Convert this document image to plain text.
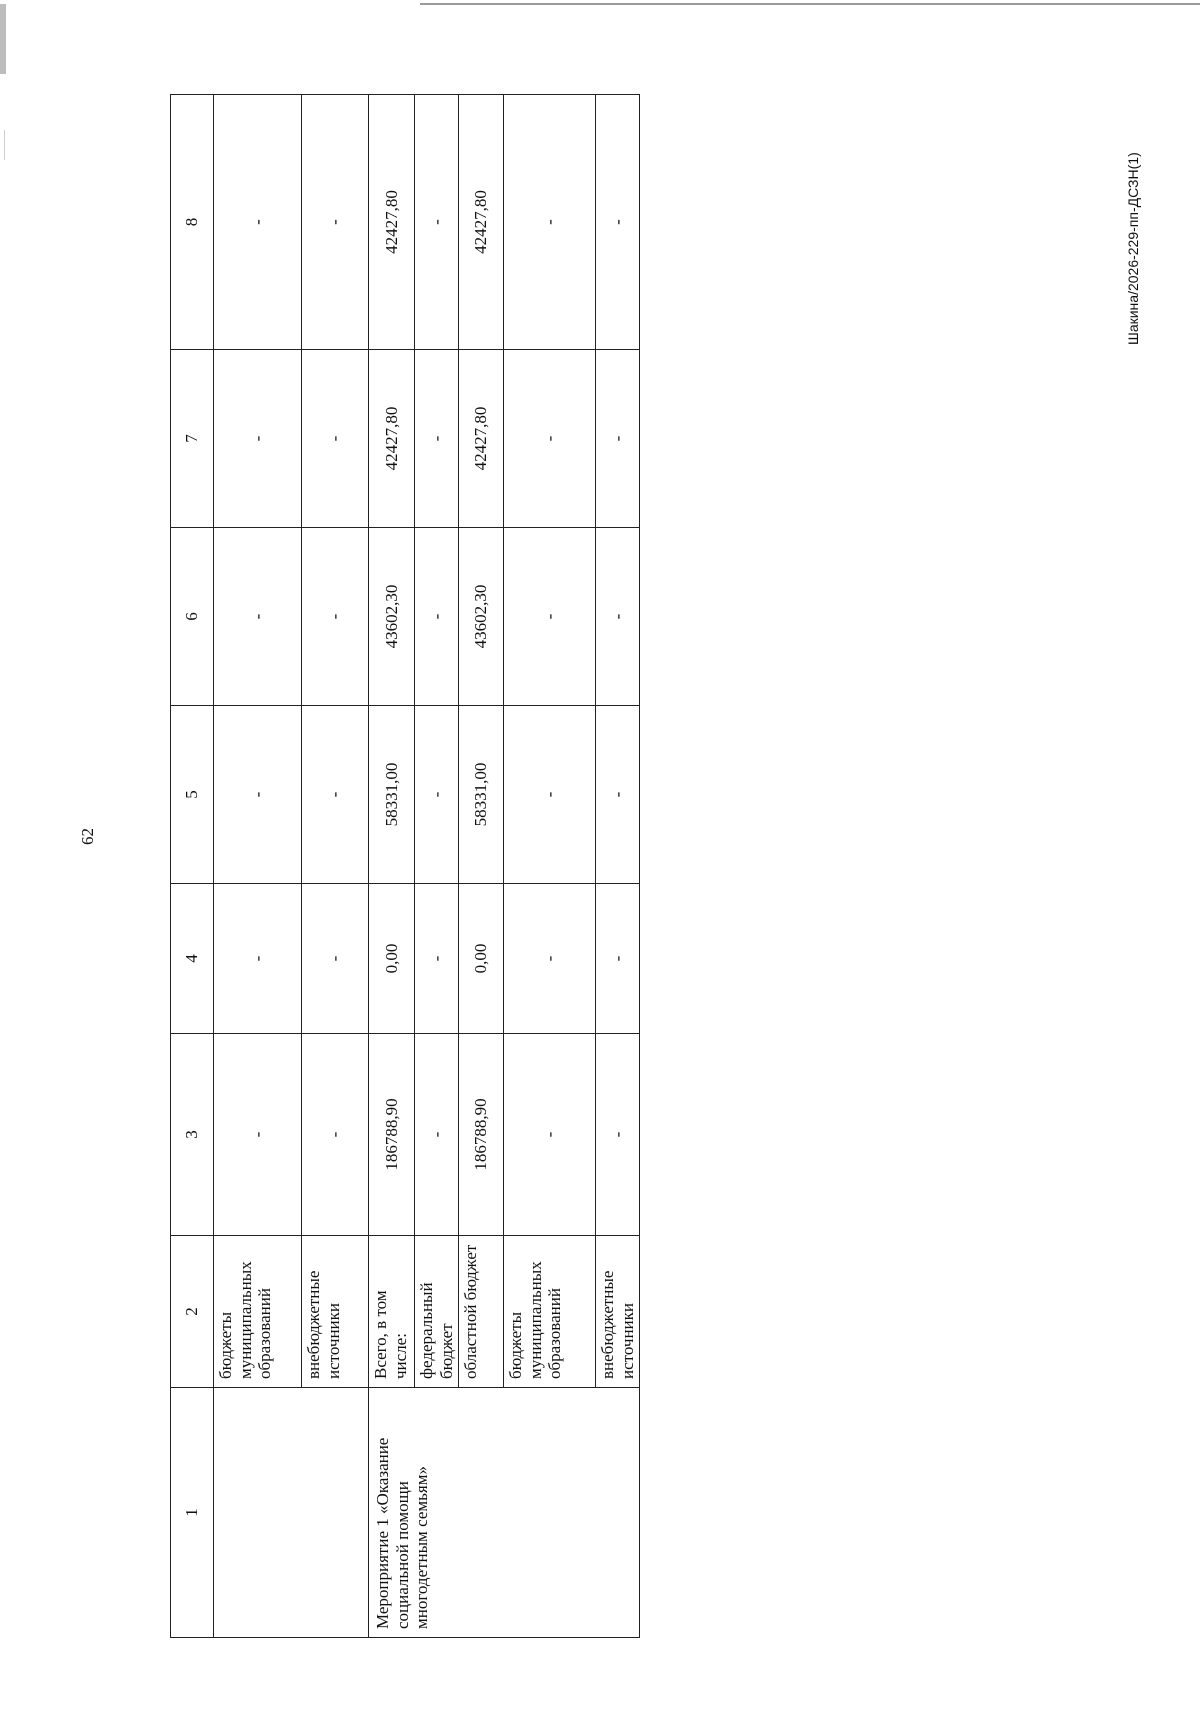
62
Шакина/2026-229-пп-ДСЗН(1)
1	2	3	4	5	6	7	8
	бюджеты муниципальных образований	-	-	-	-	-	-
	внебюджетные источники	-	-	-	-	-	-
Мероприятие 1 «Оказание социальной помощи многодетным семьям»	Всего, в том числе:	186788,90	0,00	58331,00	43602,30	42427,80	42427,80
	федеральный бюджет	-	-	-	-	-	-
	областной бюджет	186788,90	0,00	58331,00	43602,30	42427,80	42427,80
	бюджеты муниципальных образований	-	-	-	-	-	-
	внебюджетные источники	-	-	-	-	-	-
